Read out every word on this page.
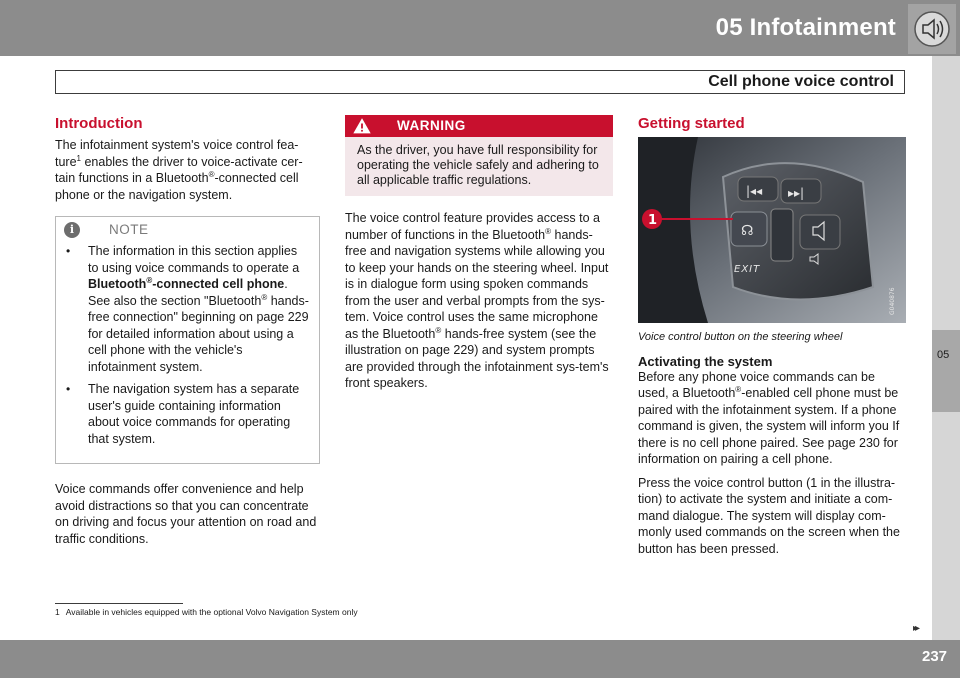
05 Infotainment
Cell phone voice control
05
Introduction

The infotainment system's voice control fea-ture$^1$ enables the driver to voice-activate cer-tain functions in a Bluetooth®-connected cell phone or the navigation system.

i	NOTE
• The information in this section applies to using voice commands to operate a Bluetooth®-connected cell phone. See also the section "Bluetooth® hands-free connection" beginning on page 229 for detailed information about using a cell phone with the vehicle's infotainment system.
• The navigation system has a separate user's guide containing information about voice commands for operating that system.

Voice commands offer convenience and help avoid distractions so that you can concentrate on driving and focus your attention on road and traffic conditions.

WARNING
As the driver, you have full responsibility for operating the vehicle safely and adhering to all applicable traffic regulations.

The voice control feature provides access to a number of functions in the Bluetooth® hands-free and navigation systems while allowing you to keep your hands on the steering wheel. Input is in dialogue form using spoken commands from the user and verbal prompts from the sys-tem. Voice control uses the same microphone as the Bluetooth® hands-free system (see the illustration on page 229) and system prompts are provided through the infotainment sys-tem's front speakers.

Getting started
|◂◂ ▸▸|
☊
EXIT
1
G040876
Voice control button on the steering wheel
Activating the system

Before any phone voice commands can be used, a Bluetooth®-enabled cell phone must be paired with the infotainment system. If a phone command is given, the system will inform you If there is no cell phone paired. See page 230 for information on pairing a cell phone.

Press the voice control button (1 in the illustra-tion) to activate the system and initiate a com-mand dialogue. The system will display com-monly used commands on the screen when the button has been pressed.

1 Available in vehicles equipped with the optional Volvo Navigation System only
▸▸
237
